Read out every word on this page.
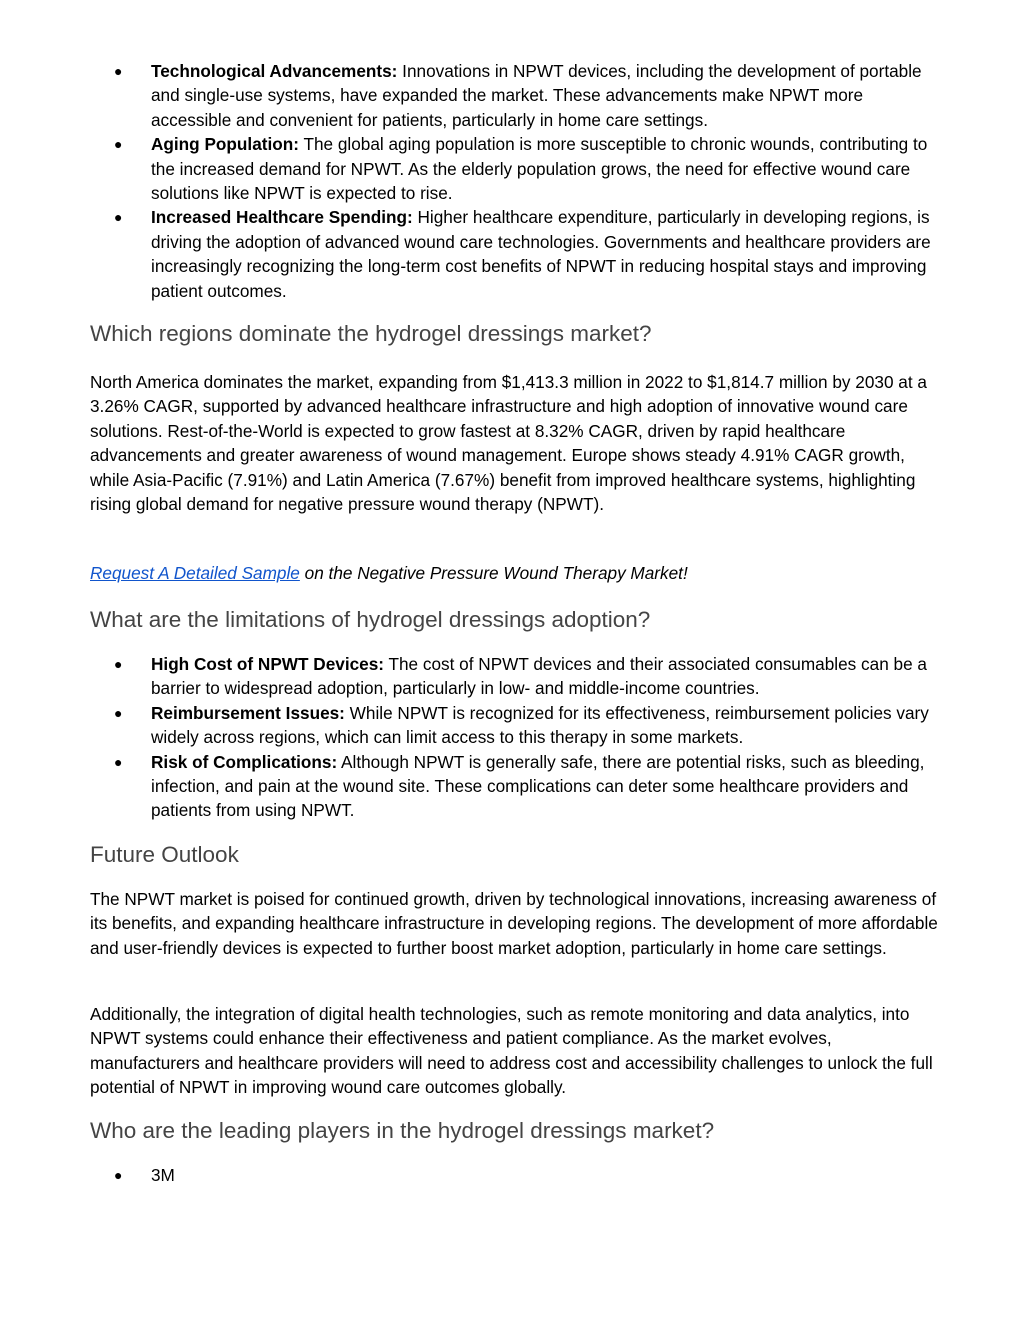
● Technological Advancements: Innovations in NPWT devices, including the development of portable and single-use systems, have expanded the market. These advancements make NPWT more accessible and convenient for patients, particularly in home care settings.
● Aging Population: The global aging population is more susceptible to chronic wounds, contributing to the increased demand for NPWT. As the elderly population grows, the need for effective wound care solutions like NPWT is expected to rise.
● Increased Healthcare Spending: Higher healthcare expenditure, particularly in developing regions, is driving the adoption of advanced wound care technologies. Governments and healthcare providers are increasingly recognizing the long-term cost benefits of NPWT in reducing hospital stays and improving patient outcomes.
Which regions dominate the hydrogel dressings market?

North America dominates the market, expanding from $1,413.3 million in 2022 to $1,814.7 million by 2030 at a 3.26% CAGR, supported by advanced healthcare infrastructure and high adoption of innovative wound care solutions. Rest-of-the-World is expected to grow fastest at 8.32% CAGR, driven by rapid healthcare advancements and greater awareness of wound management. Europe shows steady 4.91% CAGR growth, while Asia-Pacific (7.91%) and Latin America (7.67%) benefit from improved healthcare systems, highlighting rising global demand for negative pressure wound therapy (NPWT).

Request A Detailed Sample on the Negative Pressure Wound Therapy Market!

What are the limitations of hydrogel dressings adoption?
● High Cost of NPWT Devices: The cost of NPWT devices and their associated consumables can be a barrier to widespread adoption, particularly in low- and middle-income countries.
● Reimbursement Issues: While NPWT is recognized for its effectiveness, reimbursement policies vary widely across regions, which can limit access to this therapy in some markets.
● Risk of Complications: Although NPWT is generally safe, there are potential risks, such as bleeding, infection, and pain at the wound site. These complications can deter some healthcare providers and patients from using NPWT.
Future Outlook

The NPWT market is poised for continued growth, driven by technological innovations, increasing awareness of its benefits, and expanding healthcare infrastructure in developing regions. The development of more affordable and user-friendly devices is expected to further boost market adoption, particularly in home care settings.

Additionally, the integration of digital health technologies, such as remote monitoring and data analytics, into NPWT systems could enhance their effectiveness and patient compliance. As the market evolves, manufacturers and healthcare providers will need to address cost and accessibility challenges to unlock the full potential of NPWT in improving wound care outcomes globally.

Who are the leading players in the hydrogel dressings market?
● 3M
